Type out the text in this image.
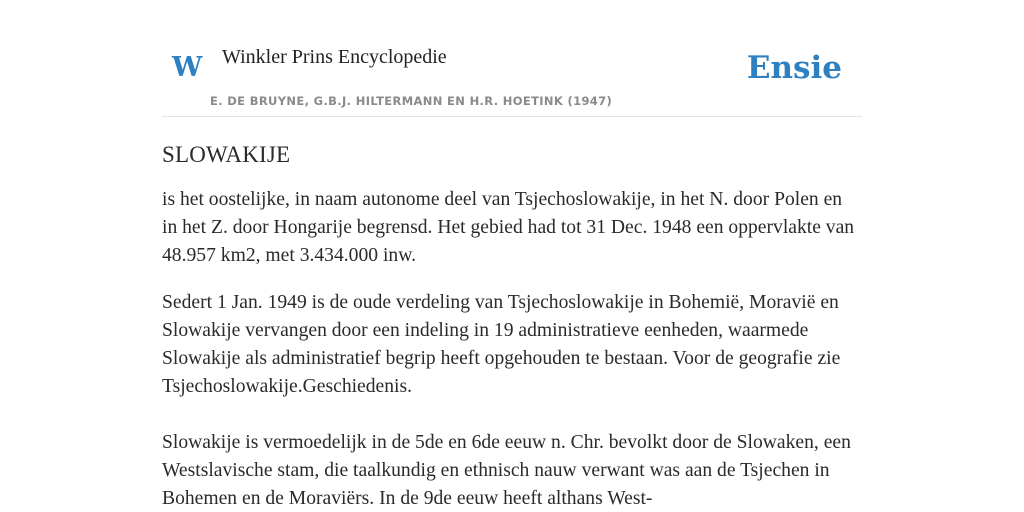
W Winkler Prins Encyclopedie
E. DE BRUYNE, G.B.J. HILTERMANN EN H.R. HOETINK (1947)
Ensie
SLOWAKIJE

is het oostelijke, in naam autonome deel van Tsjechoslowakije, in het N. door Polen en in het Z. door Hongarije begrensd. Het gebied had tot 31 Dec. 1948 een oppervlakte van 48.957 km2, met 3.434.000 inw.

Sedert 1 Jan. 1949 is de oude verdeling van Tsjechoslowakije in Bohemië, Moravië en Slowakije vervangen door een indeling in 19 administratieve eenheden, waarmede Slowakije als administratief begrip heeft opgehouden te bestaan. Voor de geografie zie Tsjechoslowakije.Geschiedenis.

Slowakije is vermoedelijk in de 5de en 6de eeuw n. Chr. bevolkt door de Slowaken, een Westslavische stam, die taalkundig en ethnisch nauw verwant was aan de Tsjechen in Bohemen en de Moraviërs. In de 9de eeuw heeft althans West-
